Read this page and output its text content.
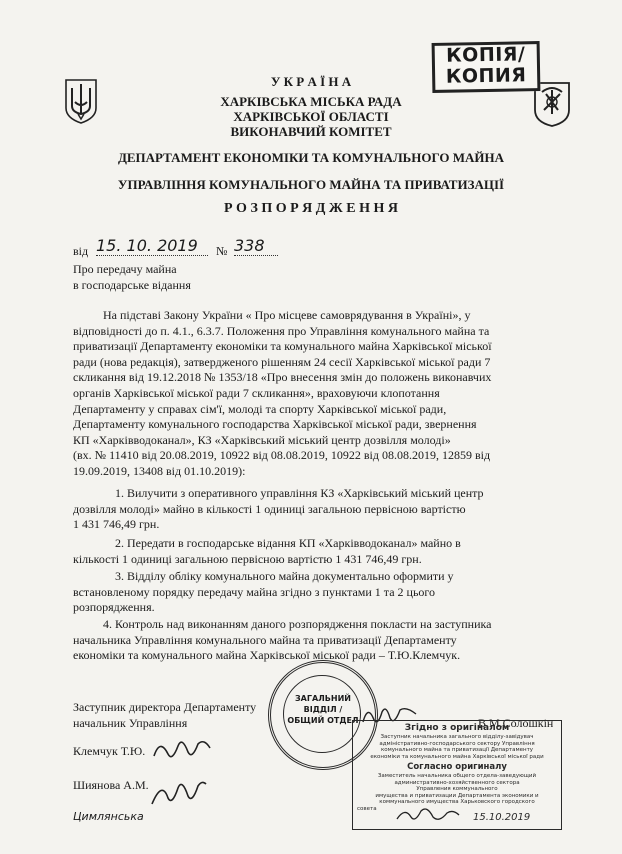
КОПІЯ/
КОПИЯ
У К Р А Ї Н А
ХАРКІВСЬКА МІСЬКА РАДА
ХАРКІВСЬКОЇ ОБЛАСТІ
ВИКОНАВЧИЙ КОМІТЕТ
ДЕПАРТАМЕНТ ЕКОНОМІКИ ТА КОМУНАЛЬНОГО МАЙНА
УПРАВЛІННЯ КОМУНАЛЬНОГО МАЙНА ТА ПРИВАТИЗАЦІЇ
Р О З П О Р Я Д Ж Е Н Н Я
від 15. 10. 2019	№ 338
Про передачу майна
в господарське відання
На підставі Закону України « Про місцеве самоврядування в Україні», у
відповідності до п. 4.1., 6.3.7. Положення про Управління комунального майна та
приватизації Департаменту економіки та комунального майна Харківської міської
ради (нова редакція), затвердженого рішенням 24 сесії Харківської міської ради 7
скликання від 19.12.2018 № 1353/18 «Про внесення змін до положень виконавчих
органів Харківської міської ради 7 скликання», враховуючи клопотання
Департаменту у справах сім'ї, молоді та спорту Харківської міської ради,
Департаменту комунального господарства Харківської міської ради, звернення
КП «Харківводоканал», КЗ «Харківський міський центр дозвілля молоді»
(вх. № 11410 від 20.08.2019, 10922 від 08.08.2019, 10922 від 08.08.2019, 12859 від
19.09.2019, 13408 від 01.10.2019):
1. Вилучити з оперативного управління КЗ «Харківський міський центр
дозвілля молоді» майно в кількості 1 одиниці загальною первісною вартістю
1 431 746,49 грн.
2. Передати в господарське відання КП «Харківводоканал» майно в
кількості 1 одиниці загальною первісною вартістю 1 431 746,49 грн.
3. Відділу обліку комунального майна документально оформити у
встановленому порядку передачу майна згідно з пунктами 1 та 2 цього
розпорядження.
4. Контроль над виконанням даного розпорядження покласти на заступника
начальника Управління комунального майна та приватизації Департаменту
економіки та комунального майна Харківської міської ради – Т.Ю.Клемчук.
Заступник директора Департаменту
начальник Управління	В.М.Солошкін
Клемчук Т.Ю.
Шиянова А.М.
Цимлянська
ЗАГАЛЬНИЙ
ВІДДІЛ /
ОБЩИЙ ОТДЕЛ
Згідно з оригіналом
Заступник начальника загального відділу-завідувач
адміністративно-господарського сектору Управління
комунального майна та приватизації Департаменту
економіки та комунального майна Харківської міської ради
Согласно оригиналу
Заместитель начальника общего отдела-заведующий
административно-хозяйственного сектора
Управления коммунального
имущества и приватизации Департамента экономики и
коммунального имущества Харьковского городского
совета
15.10.2019
